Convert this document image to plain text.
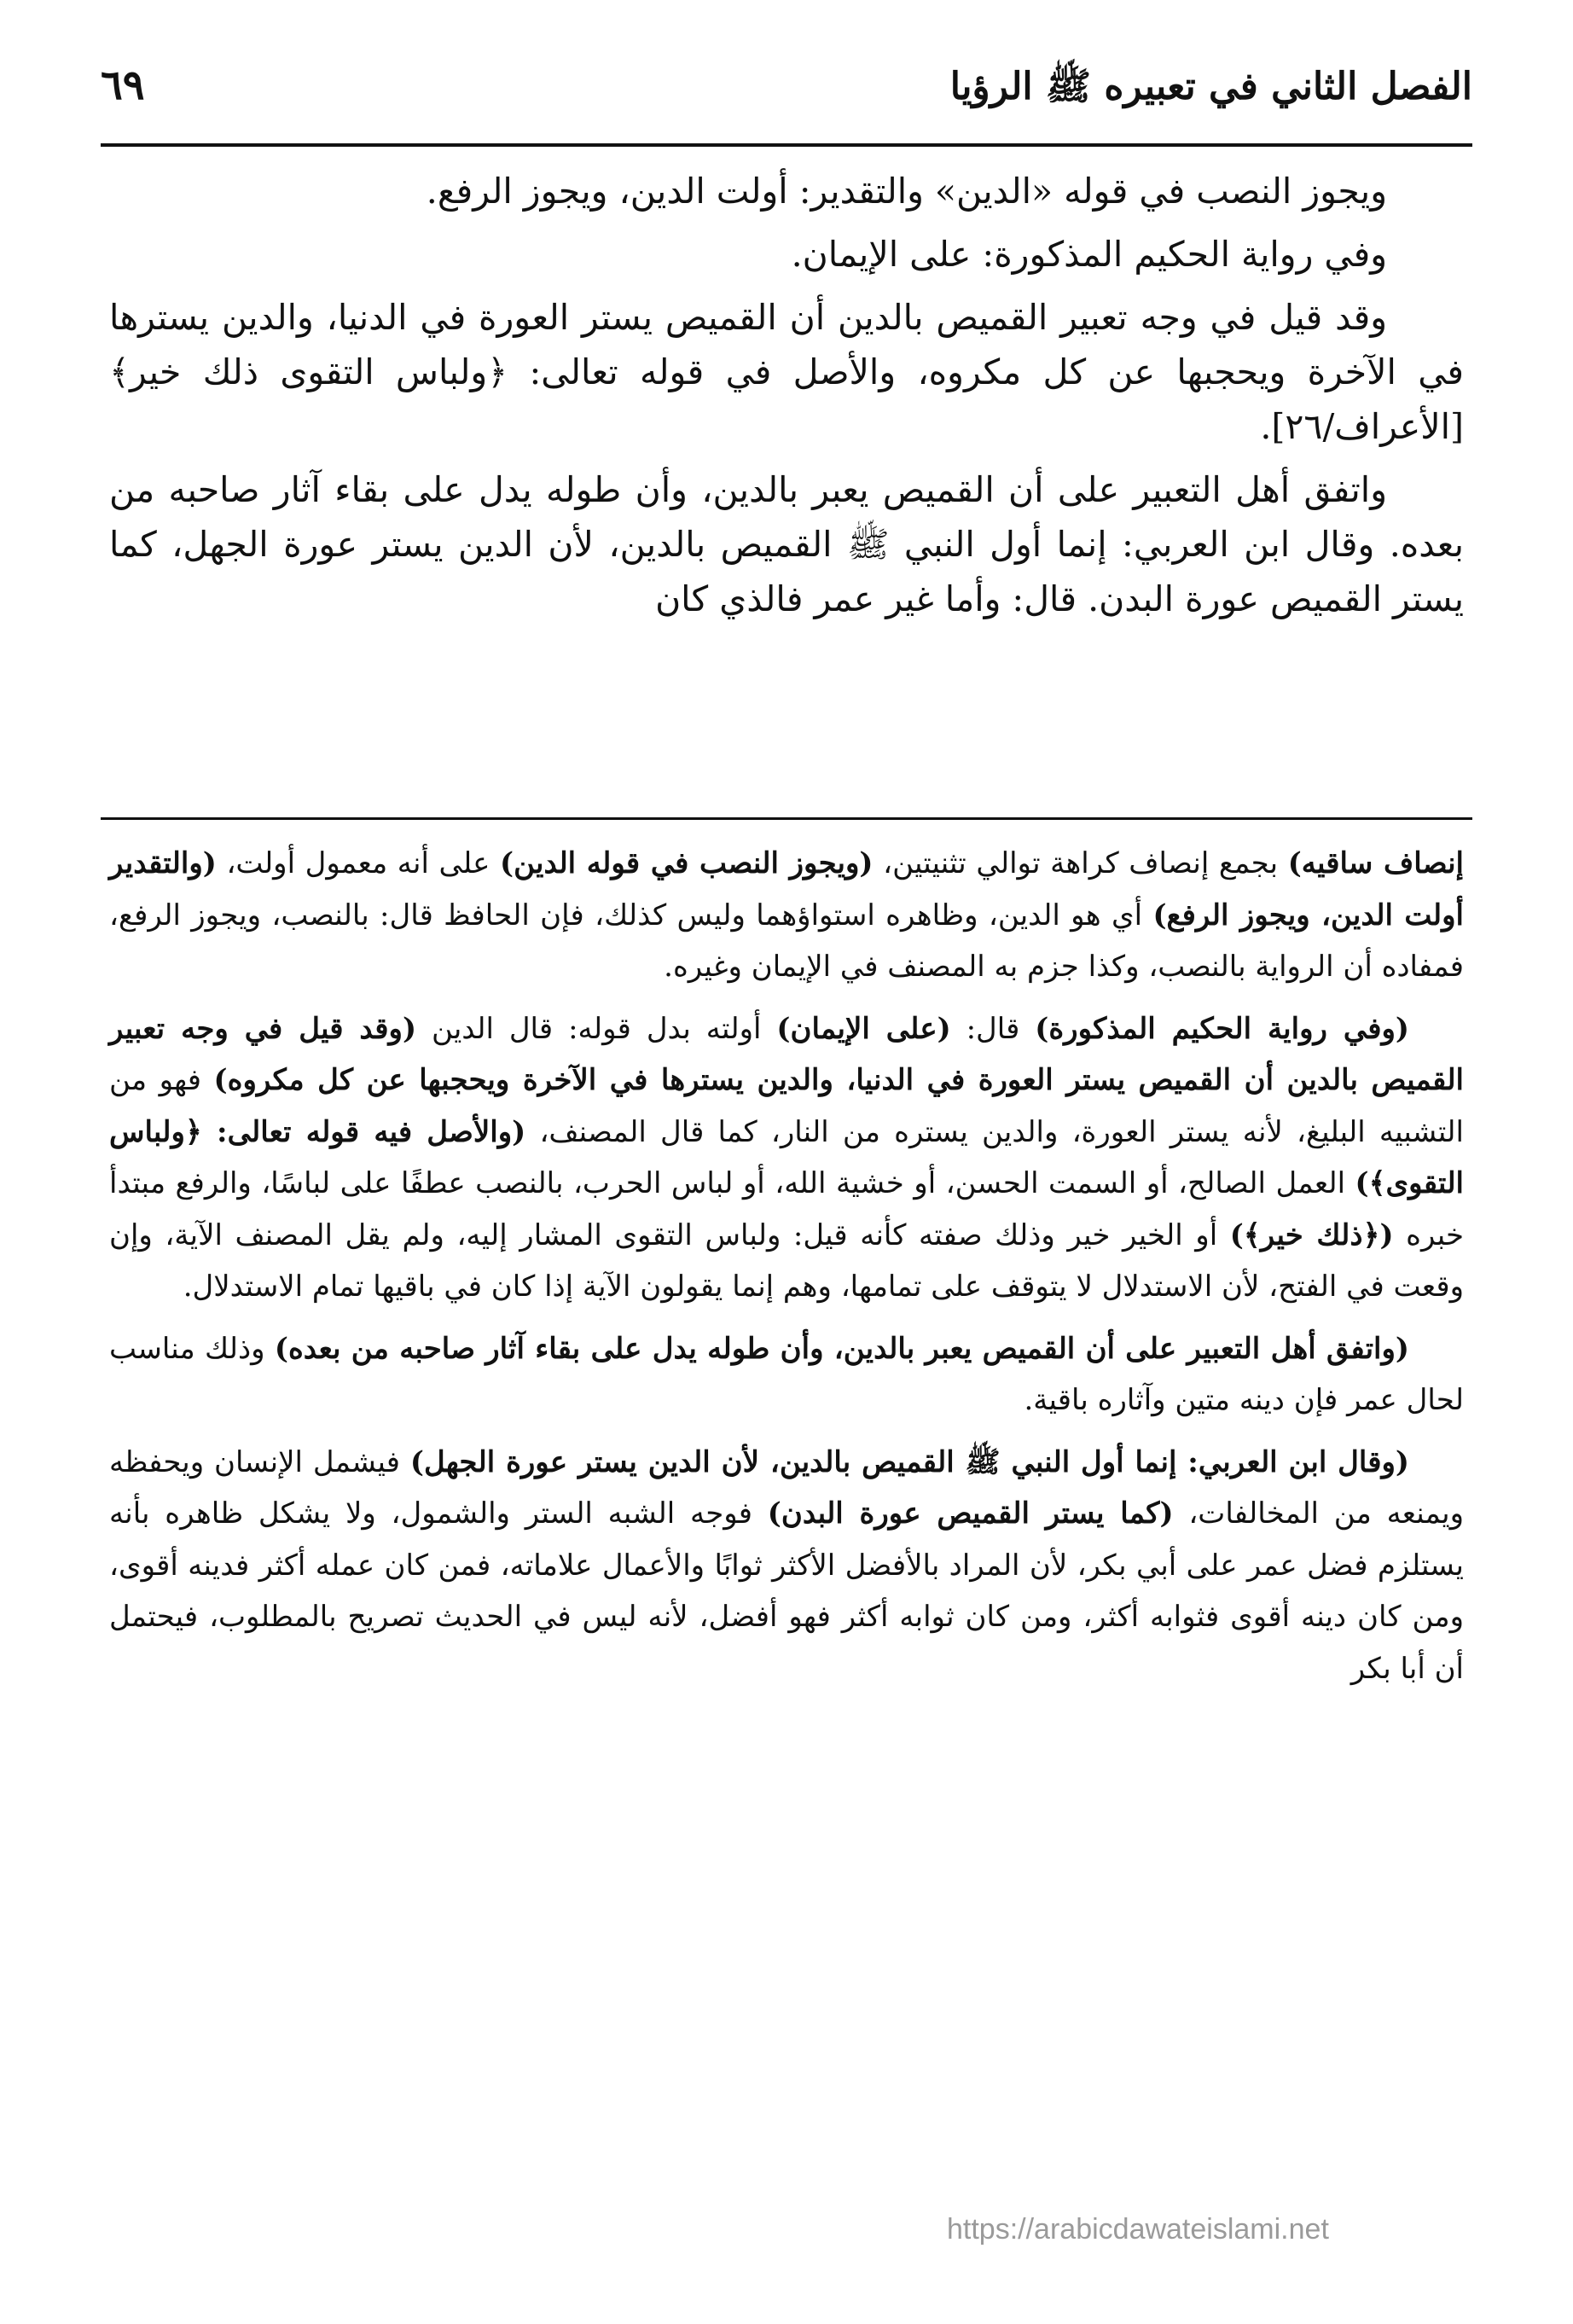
الفصل الثاني في تعبيره ﷺ الرؤيا
٦٩

ويجوز النصب في قوله «الدين» والتقدير: أولت الدين، ويجوز الرفع.

وفي رواية الحكيم المذكورة: على الإيمان.

وقد قيل في وجه تعبير القميص بالدين أن القميص يستر العورة في الدنيا، والدين يسترها في الآخرة ويحجبها عن كل مكروه، والأصل في قوله تعالى: ﴿ولباس التقوى ذلك خير﴾ [الأعراف/٢٦].

واتفق أهل التعبير على أن القميص يعبر بالدين، وأن طوله يدل على بقاء آثار صاحبه من بعده. وقال ابن العربي: إنما أول النبي ﷺ القميص بالدين، لأن الدين يستر عورة الجهل، كما يستر القميص عورة البدن. قال: وأما غير عمر فالذي كان

إنصاف ساقيه) بجمع إنصاف كراهة توالي تثنيتين، (ويجوز النصب في قوله الدين) على أنه معمول أولت، (والتقدير أولت الدين، ويجوز الرفع) أي هو الدين، وظاهره استواؤهما وليس كذلك، فإن الحافظ قال: بالنصب، ويجوز الرفع، فمفاده أن الرواية بالنصب، وكذا جزم به المصنف في الإيمان وغيره.

(وفي رواية الحكيم المذكورة) قال: (على الإيمان) أولته بدل قوله: قال الدين (وقد قيل في وجه تعبير القميص بالدين أن القميص يستر العورة في الدنيا، والدين يسترها في الآخرة ويحجبها عن كل مكروه) فهو من التشبيه البليغ، لأنه يستر العورة، والدين يستره من النار، كما قال المصنف، (والأصل فيه قوله تعالى: ﴿ولباس التقوى﴾) العمل الصالح، أو السمت الحسن، أو خشية الله، أو لباس الحرب، بالنصب عطفًا على لباسًا، والرفع مبتدأ خبره (﴿ذلك خير﴾) أو الخير خير وذلك صفته كأنه قيل: ولباس التقوى المشار إليه، ولم يقل المصنف الآية، وإن وقعت في الفتح، لأن الاستدلال لا يتوقف على تمامها، وهم إنما يقولون الآية إذا كان في باقيها تمام الاستدلال.

(واتفق أهل التعبير على أن القميص يعبر بالدين، وأن طوله يدل على بقاء آثار صاحبه من بعده) وذلك مناسب لحال عمر فإن دينه متين وآثاره باقية.

(وقال ابن العربي: إنما أول النبي ﷺ القميص بالدين، لأن الدين يستر عورة الجهل) فيشمل الإنسان ويحفظه ويمنعه من المخالفات، (كما يستر القميص عورة البدن) فوجه الشبه الستر والشمول، ولا يشكل ظاهره بأنه يستلزم فضل عمر على أبي بكر، لأن المراد بالأفضل الأكثر ثوابًا والأعمال علاماته، فمن كان عمله أكثر فدينه أقوى، ومن كان دينه أقوى فثوابه أكثر، ومن كان ثوابه أكثر فهو أفضل، لأنه ليس في الحديث تصريح بالمطلوب، فيحتمل أن أبا بكر

https://arabicdawateislami.net
